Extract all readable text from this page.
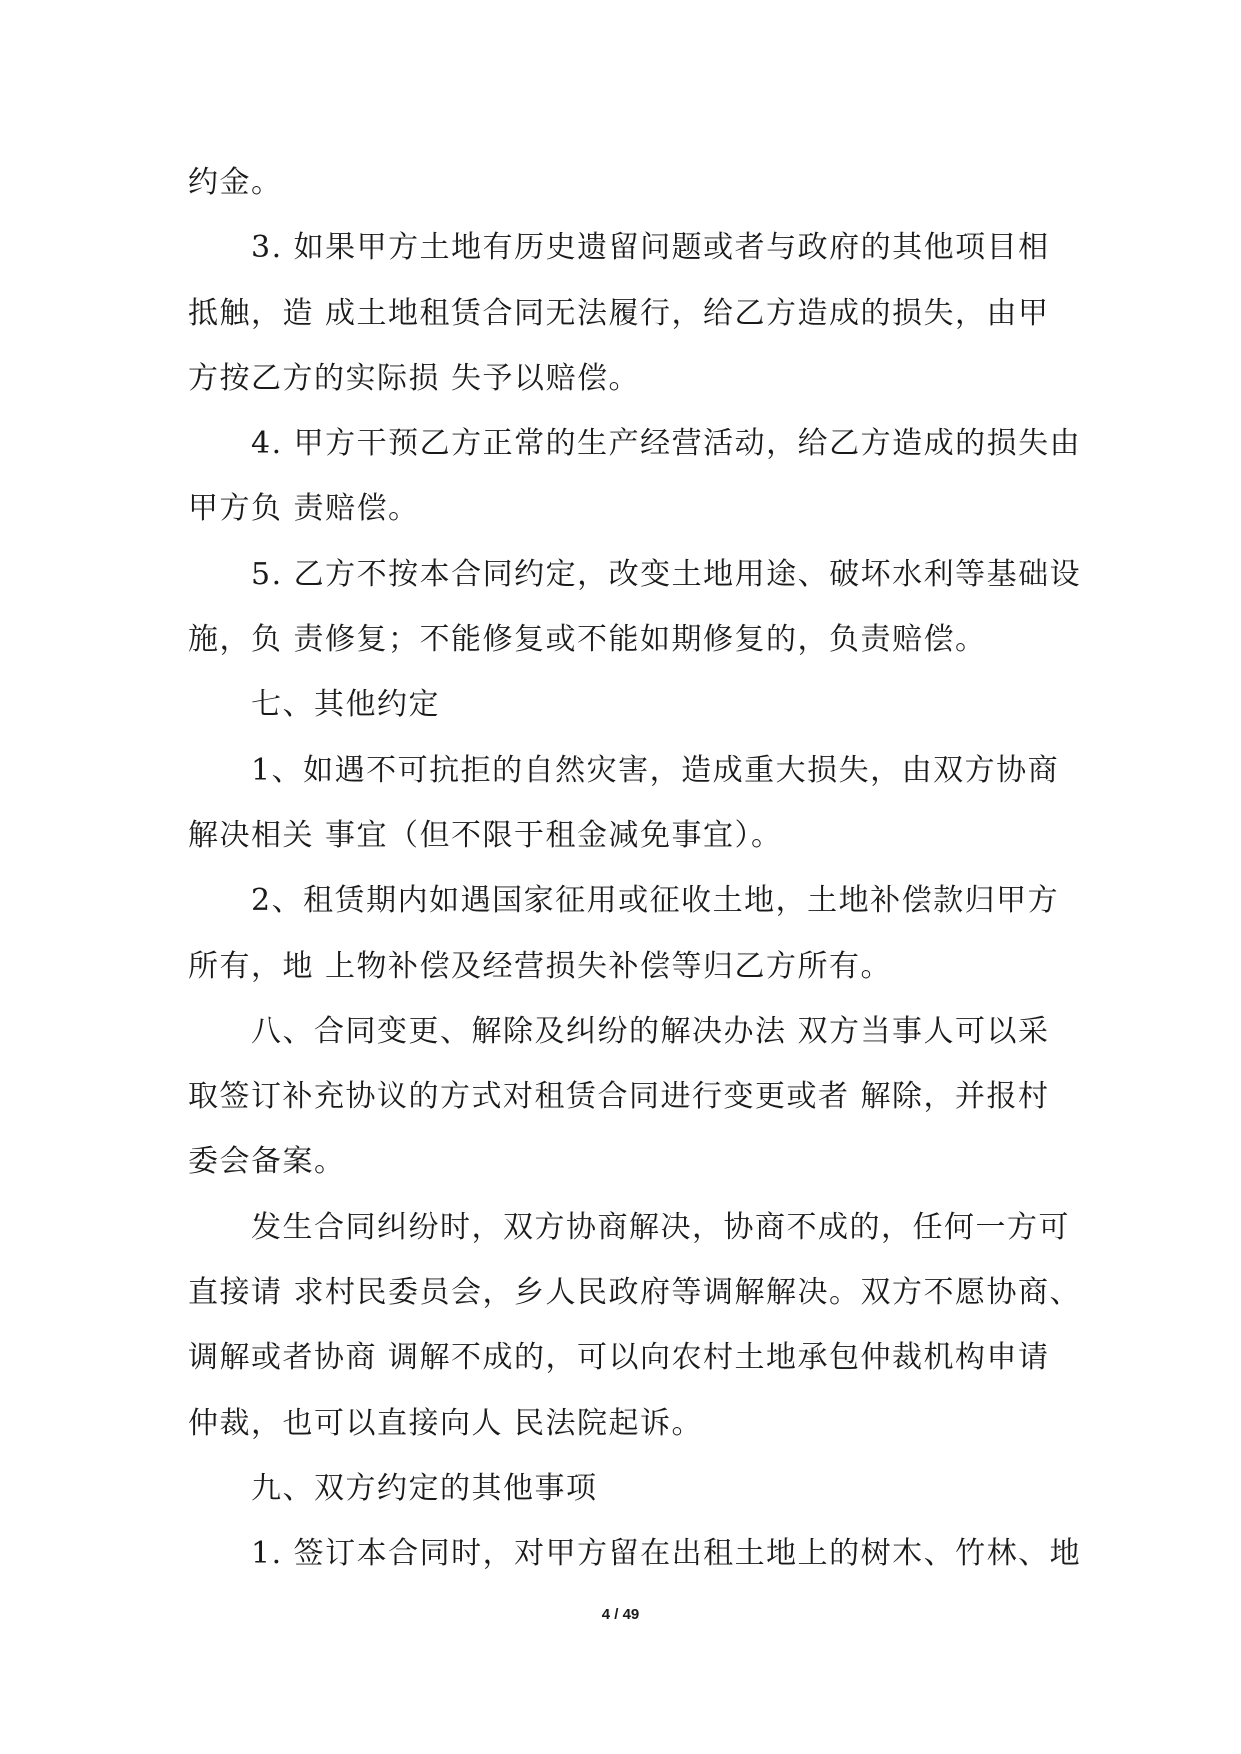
约金。
3. 如果甲方土地有历史遗留问题或者与政府的其他项目相
抵触，造 成土地租赁合同无法履行，给乙方造成的损失，由甲
方按乙方的实际损 失予以赔偿。
4. 甲方干预乙方正常的生产经营活动，给乙方造成的损失由
甲方负 责赔偿。
5. 乙方不按本合同约定，改变土地用途、破坏水利等基础设
施，负 责修复；不能修复或不能如期修复的，负责赔偿。
七、其他约定
1、如遇不可抗拒的自然灾害，造成重大损失，由双方协商
解决相关 事宜（但不限于租金减免事宜）。
2、租赁期内如遇国家征用或征收土地，土地补偿款归甲方
所有，地 上物补偿及经营损失补偿等归乙方所有。
八、合同变更、解除及纠纷的解决办法 双方当事人可以采
取签订补充协议的方式对租赁合同进行变更或者 解除，并报村
委会备案。
发生合同纠纷时，双方协商解决，协商不成的，任何一方可
直接请 求村民委员会，乡人民政府等调解解决。双方不愿协商、
调解或者协商 调解不成的，可以向农村土地承包仲裁机构申请
仲裁，也可以直接向人 民法院起诉。
九、双方约定的其他事项
1. 签订本合同时，对甲方留在出租土地上的树木、竹林、地
4 / 49
